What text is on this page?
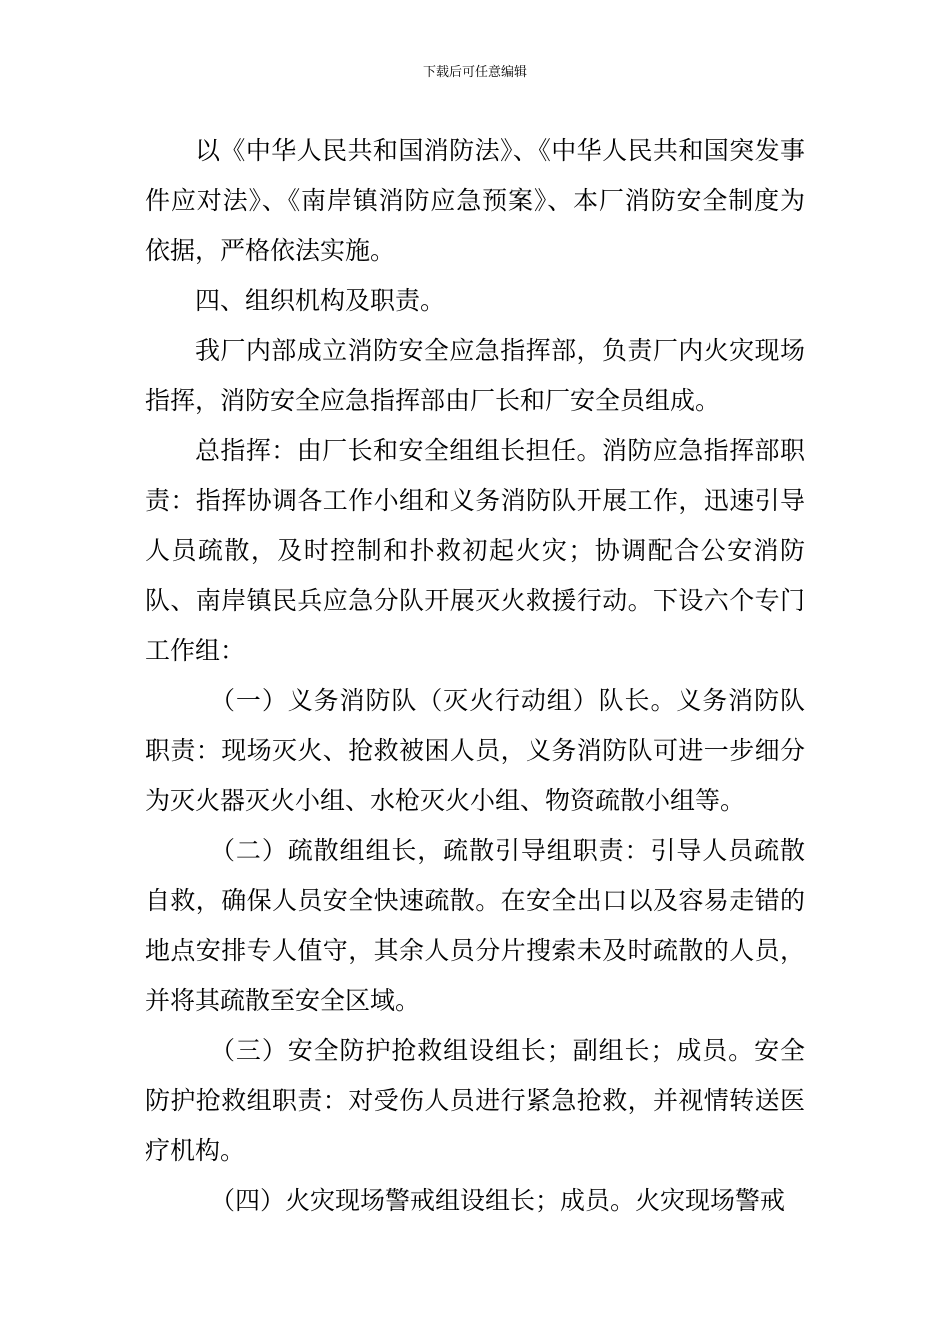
下载后可任意编辑

以《中华人民共和国消防法》、《中华人民共和国突发事件应对法》、《南岸镇消防应急预案》、本厂消防安全制度为依据，严格依法实施。

四、组织机构及职责。

我厂内部成立消防安全应急指挥部，负责厂内火灾现场指挥，消防安全应急指挥部由厂长和厂安全员组成。

总指挥：由厂长和安全组组长担任。消防应急指挥部职责：指挥协调各工作小组和义务消防队开展工作，迅速引导人员疏散，及时控制和扑救初起火灾；协调配合公安消防队、南岸镇民兵应急分队开展灭火救援行动。下设六个专门工作组：

（一）义务消防队（灭火行动组）队长。义务消防队职责：现场灭火、抢救被困人员，义务消防队可进一步细分为灭火器灭火小组、水枪灭火小组、物资疏散小组等。

（二）疏散组组长，疏散引导组职责：引导人员疏散自救，确保人员安全快速疏散。在安全出口以及容易走错的地点安排专人值守，其余人员分片搜索未及时疏散的人员，并将其疏散至安全区域。

（三）安全防护抢救组设组长；副组长；成员。安全防护抢救组职责：对受伤人员进行紧急抢救，并视情转送医疗机构。

（四）火灾现场警戒组设组长；成员。火灾现场警戒
